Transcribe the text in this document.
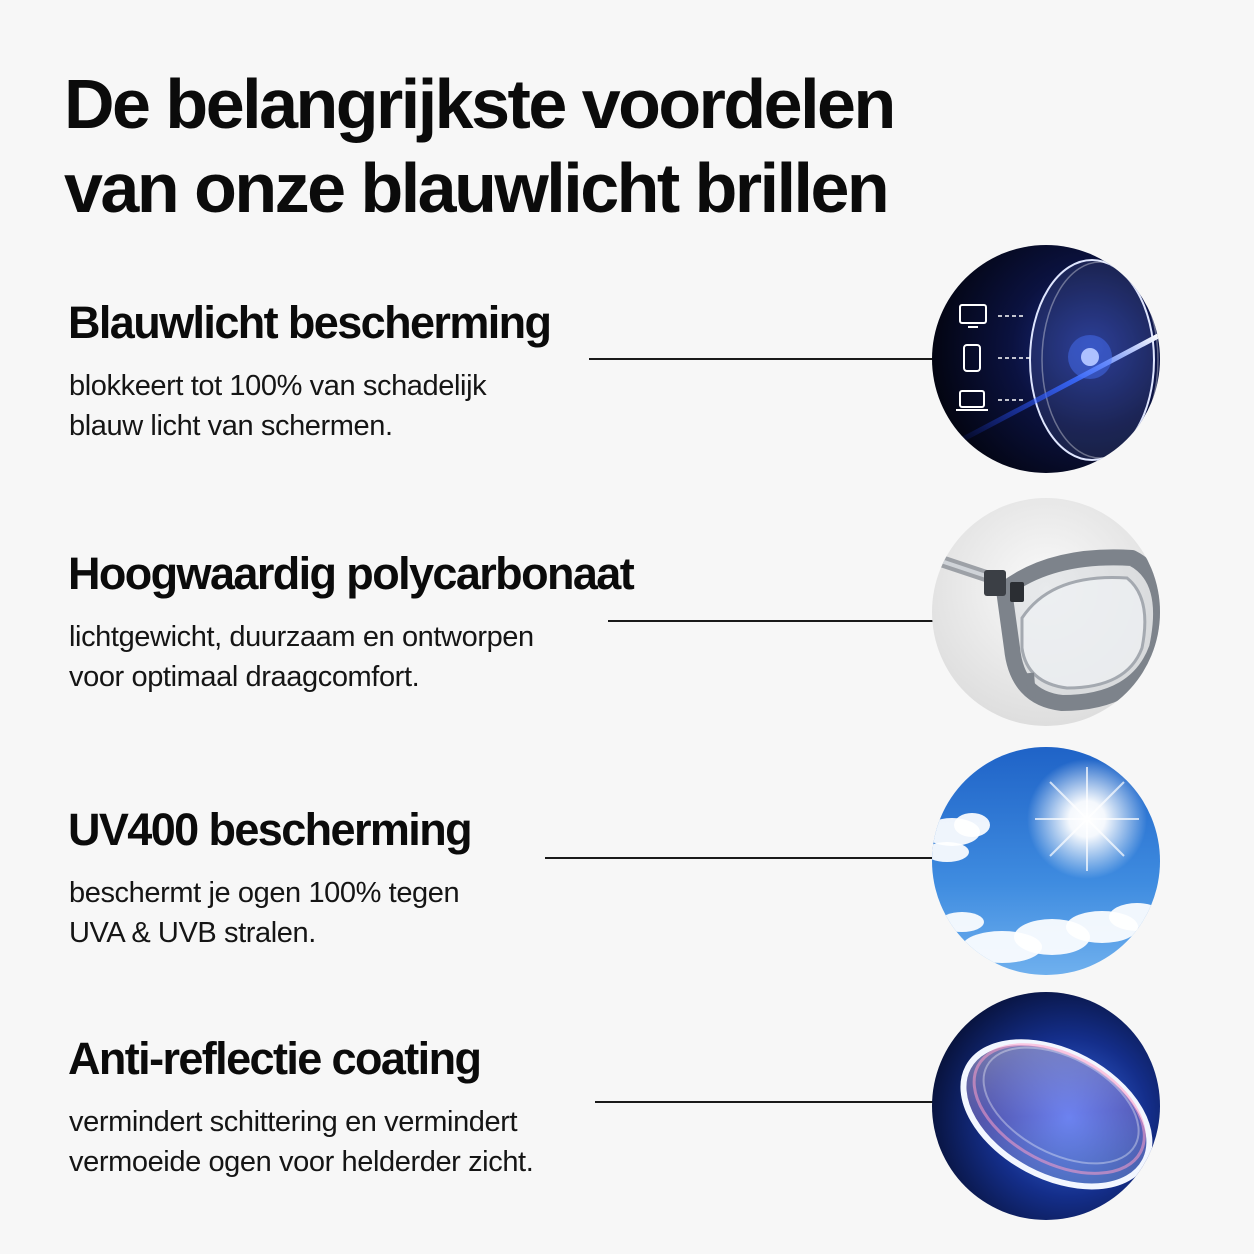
De belangrijkste voordelen
van onze blauwlicht brillen
Blauwlicht bescherming

blokkeert tot 100% van schadelijk
blauw licht van schermen.

Hoogwaardig polycarbonaat

lichtgewicht, duurzaam en ontworpen
voor optimaal draagcomfort.

UV400 bescherming

beschermt je ogen 100% tegen
UVA & UVB stralen.

Anti-reflectie coating

vermindert schittering en vermindert
vermoeide ogen voor helderder zicht.
